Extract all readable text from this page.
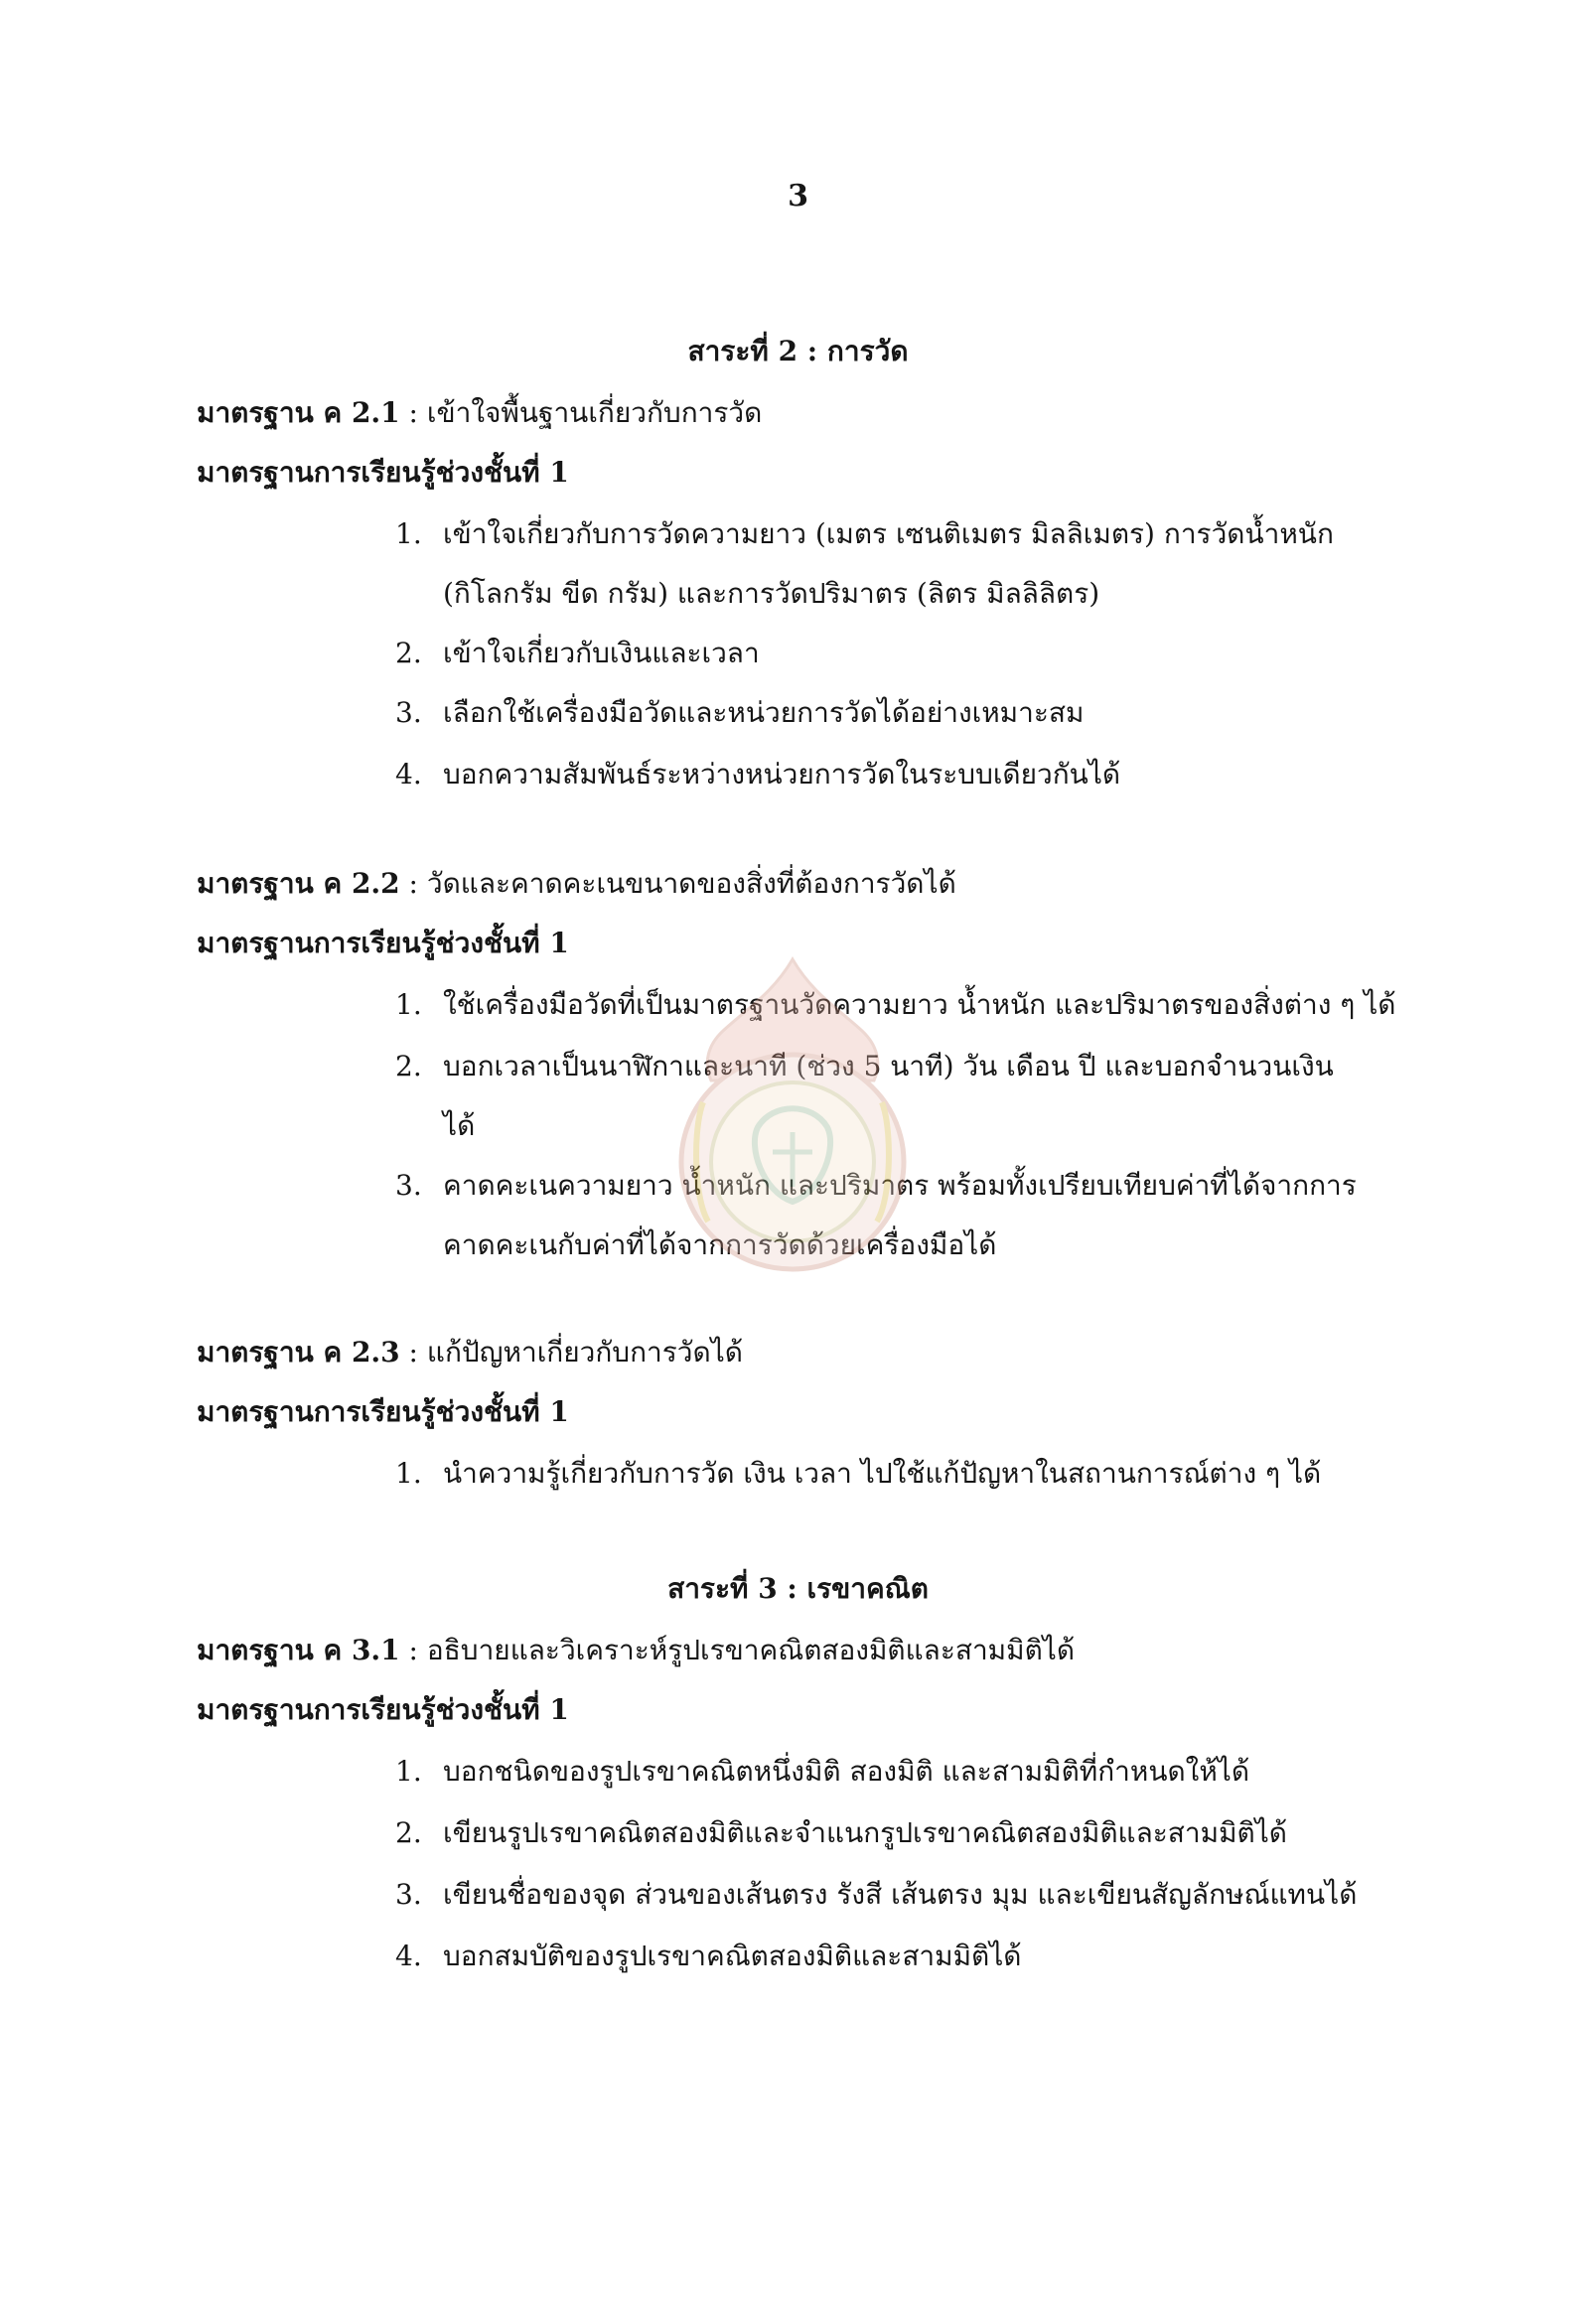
3
สาระที่ 2 : การวัด
มาตรฐาน ค 2.1 : เข้าใจพื้นฐานเกี่ยวกับการวัด
มาตรฐานการเรียนรู้ช่วงชั้นที่ 1
1. เข้าใจเกี่ยวกับการวัดความยาว (เมตร เซนติเมตร มิลลิเมตร) การวัดน้ำหนัก
(กิโลกรัม ขีด กรัม) และการวัดปริมาตร (ลิตร มิลลิลิตร)
2. เข้าใจเกี่ยวกับเงินและเวลา
3. เลือกใช้เครื่องมือวัดและหน่วยการวัดได้อย่างเหมาะสม
4. บอกความสัมพันธ์ระหว่างหน่วยการวัดในระบบเดียวกันได้
มาตรฐาน ค 2.2 : วัดและคาดคะเนขนาดของสิ่งที่ต้องการวัดได้
มาตรฐานการเรียนรู้ช่วงชั้นที่ 1
1. ใช้เครื่องมือวัดที่เป็นมาตรฐานวัดความยาว น้ำหนัก และปริมาตรของสิ่งต่าง ๆ ได้
2. บอกเวลาเป็นนาฬิกาและนาที (ช่วง 5 นาที) วัน เดือน ปี และบอกจำนวนเงิน
ได้
3. คาดคะเนความยาว น้ำหนัก และปริมาตร พร้อมทั้งเปรียบเทียบค่าที่ได้จากการ
คาดคะเนกับค่าที่ได้จากการวัดด้วยเครื่องมือได้
มาตรฐาน ค 2.3 : แก้ปัญหาเกี่ยวกับการวัดได้
มาตรฐานการเรียนรู้ช่วงชั้นที่ 1
1. นำความรู้เกี่ยวกับการวัด เงิน เวลา ไปใช้แก้ปัญหาในสถานการณ์ต่าง ๆ ได้
สาระที่ 3 : เรขาคณิต
มาตรฐาน ค 3.1 : อธิบายและวิเคราะห์รูปเรขาคณิตสองมิติและสามมิติได้
มาตรฐานการเรียนรู้ช่วงชั้นที่ 1
1. บอกชนิดของรูปเรขาคณิตหนึ่งมิติ สองมิติ และสามมิติที่กำหนดให้ได้
2. เขียนรูปเรขาคณิตสองมิติและจำแนกรูปเรขาคณิตสองมิติและสามมิติได้
3. เขียนชื่อของจุด ส่วนของเส้นตรง รังสี เส้นตรง มุม และเขียนสัญลักษณ์แทนได้
4. บอกสมบัติของรูปเรขาคณิตสองมิติและสามมิติได้
